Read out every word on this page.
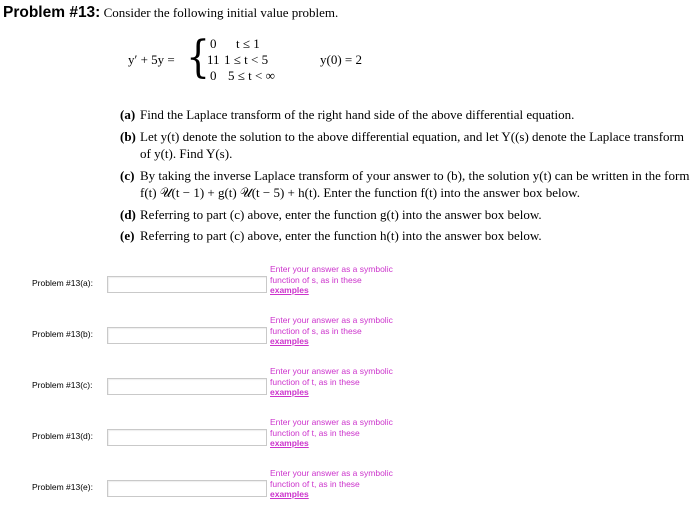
Problem #13: Consider the following initial value problem.
y′ + 5y = { 0 t ≤ 1
11 1 ≤ t < 5
0 5 ≤ t < ∞
y(0) = 2
(a) Find the Laplace transform of the right hand side of the above differential equation.
(b) Let y(t) denote the solution to the above differential equation, and let Y((s) denote the Laplace transform of y(t). Find Y(s).
(c) By taking the inverse Laplace transform of your answer to (b), the solution y(t) can be written in the form f(t) 𝒰(t − 1) + g(t) 𝒰(t − 5) + h(t). Enter the function f(t) into the answer box below.
(d) Referring to part (c) above, enter the function g(t) into the answer box below.
(e) Referring to part (c) above, enter the function h(t) into the answer box below.
Problem #13(a):
Enter your answer as a symbolic
function of s, as in these
examples
Problem #13(b):
Enter your answer as a symbolic
function of s, as in these
examples
Problem #13(c):
Enter your answer as a symbolic
function of t, as in these
examples
Problem #13(d):
Enter your answer as a symbolic
function of t, as in these
examples
Problem #13(e):
Enter your answer as a symbolic
function of t, as in these
examples
